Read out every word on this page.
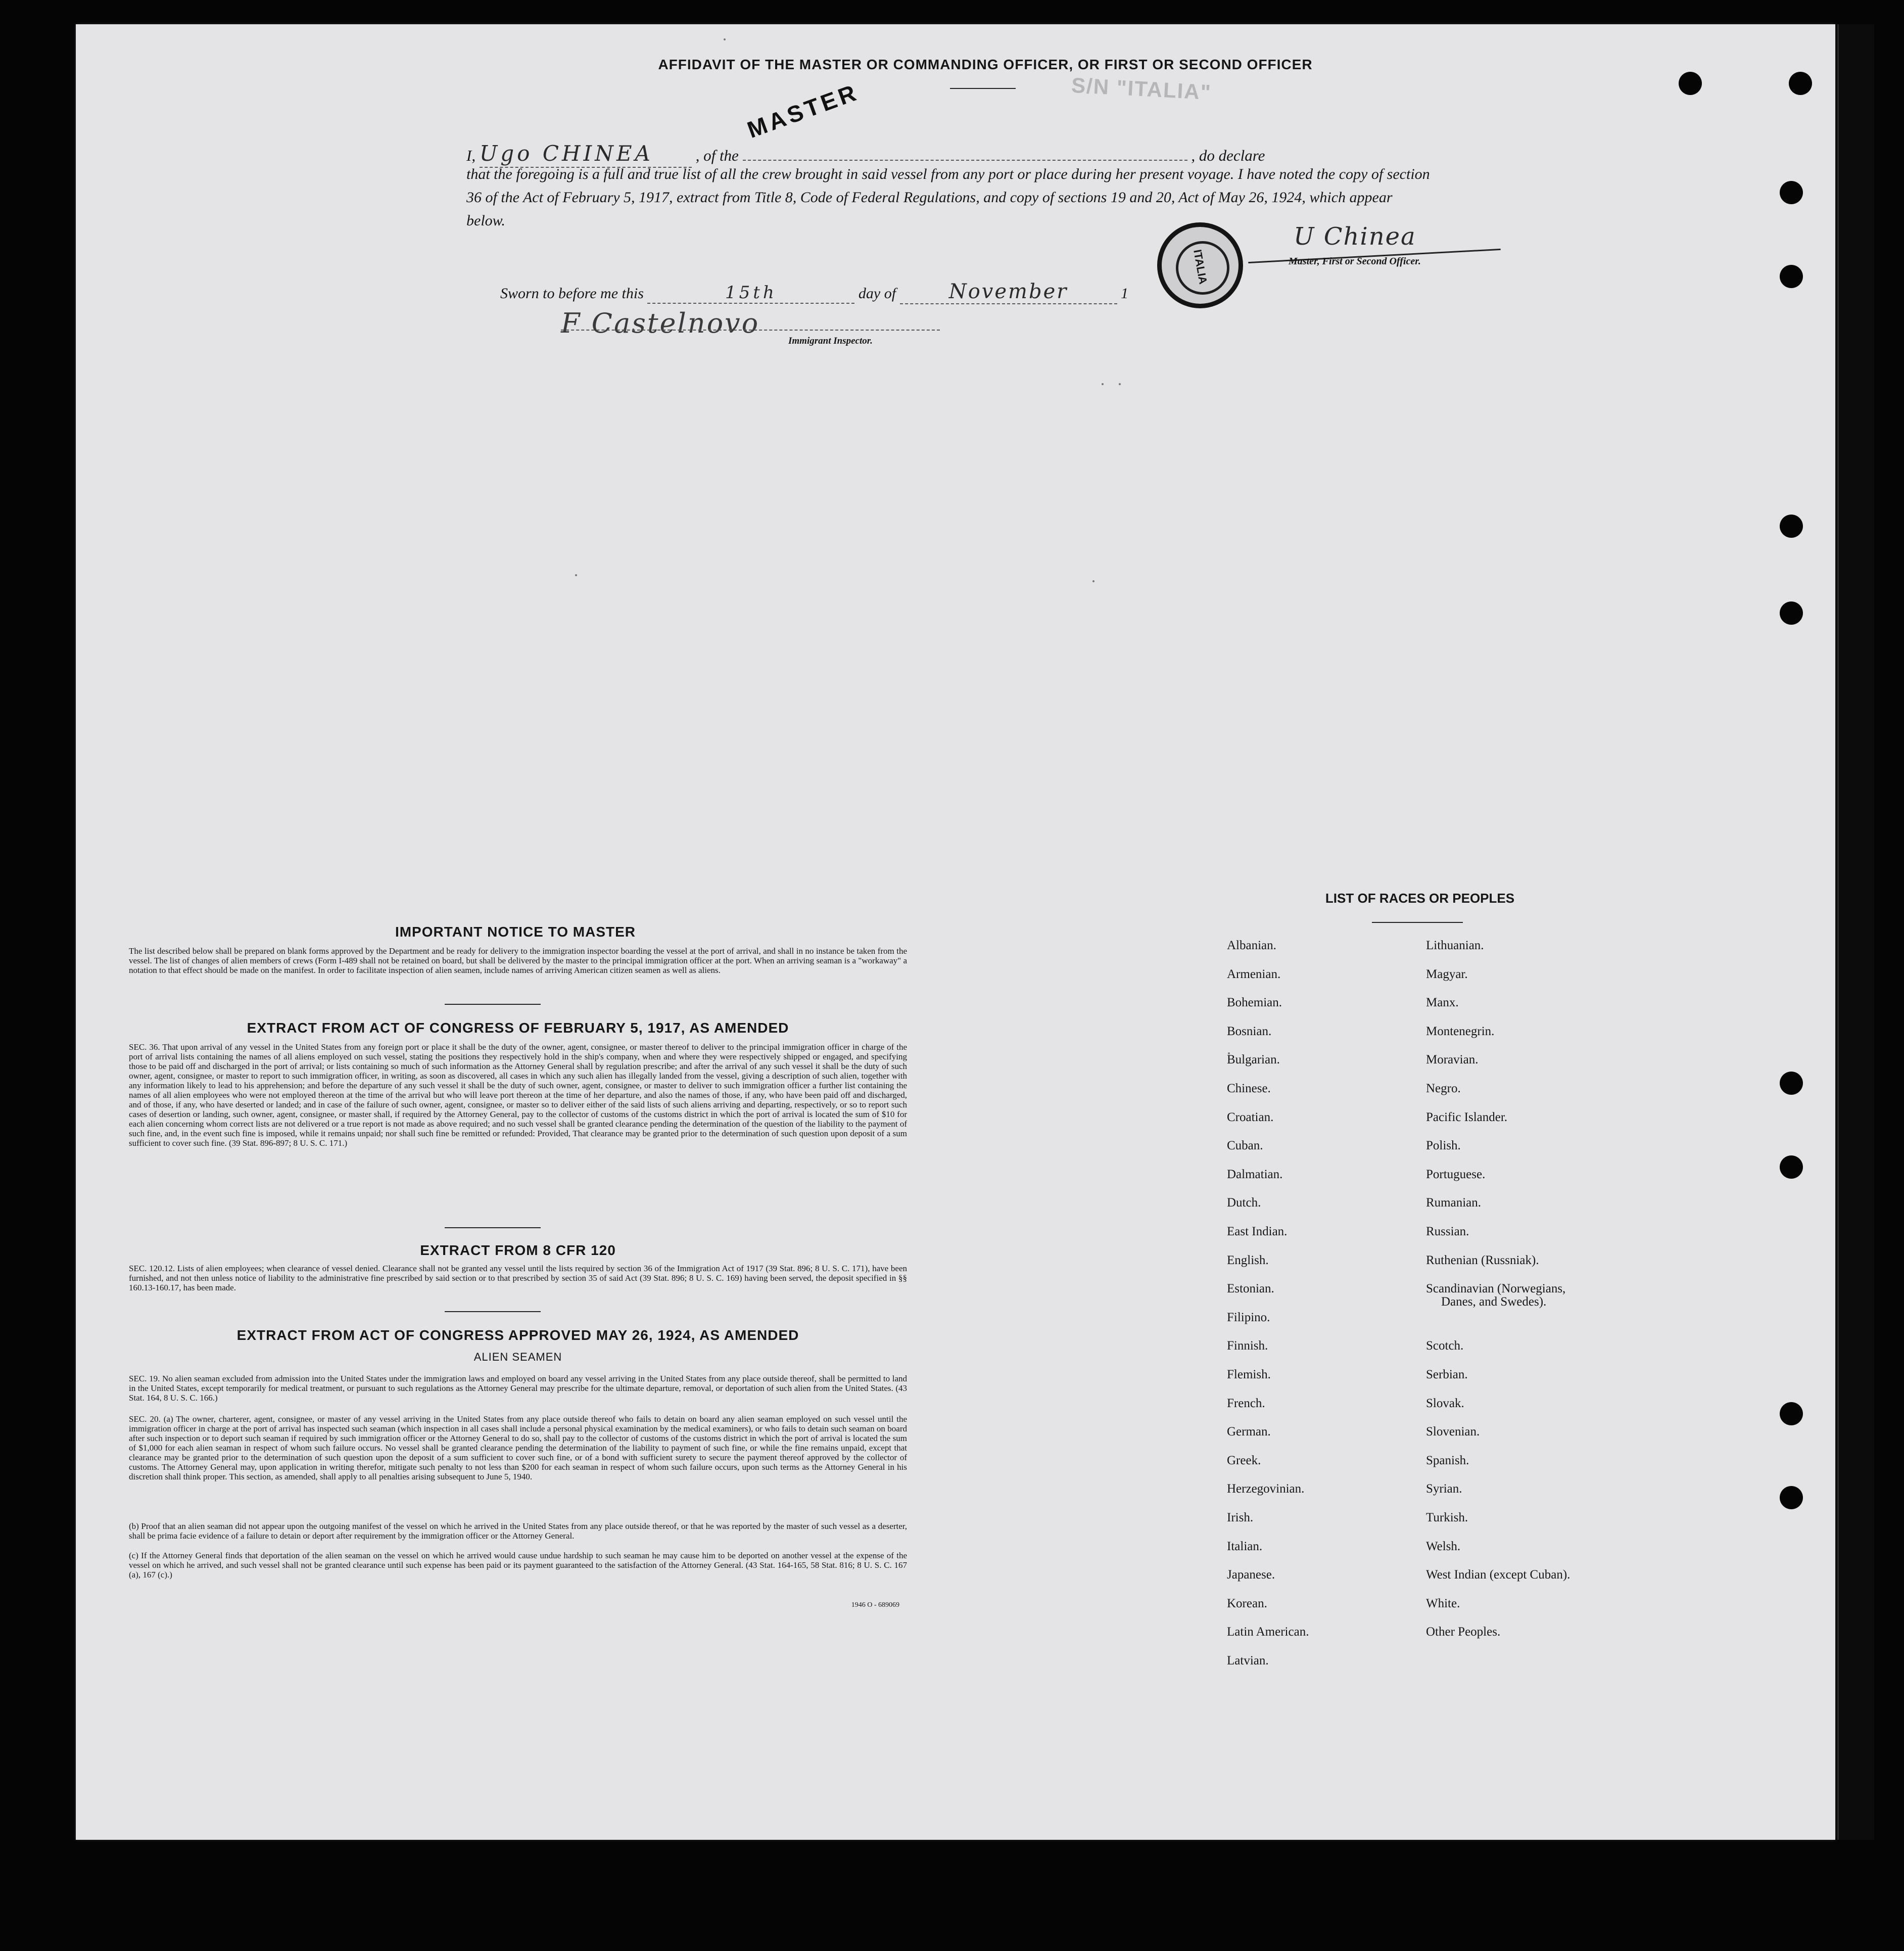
AFFIDAVIT OF THE MASTER OR COMMANDING OFFICER, OR FIRST OR SECOND OFFICER
S/N "ITALIA"
I, Ugo CHINEA	, of the	, do declare
MASTER
that the foregoing is a full and true list of all the crew brought in said vessel from any port or place during her present voyage. I have noted the copy of section 36 of the Act of February 5, 1917, extract from Title 8, Code of Federal Regulations, and copy of sections 19 and 20, Act of May 26, 1924, which appear below.
Sworn to before me this	15th	day of	November	1
ITALIA
U Chinea
Master, First or Second Officer.
F Castelnovo
Immigrant Inspector.
IMPORTANT NOTICE TO MASTER
The list described below shall be prepared on blank forms approved by the Department and be ready for delivery to the immigration inspector boarding the vessel at the port of arrival, and shall in no instance be taken from the vessel. The list of changes of alien members of crews (Form I-489 shall not be retained on board, but shall be delivered by the master to the principal immigration officer at the port. When an arriving seaman is a "workaway" a notation to that effect should be made on the manifest. In order to facilitate inspection of alien seamen, include names of arriving American citizen seamen as well as aliens.
EXTRACT FROM ACT OF CONGRESS OF FEBRUARY 5, 1917, AS AMENDED
SEC. 36. That upon arrival of any vessel in the United States from any foreign port or place it shall be the duty of the owner, agent, consignee, or master thereof to deliver to the principal immigration officer in charge of the port of arrival lists containing the names of all aliens employed on such vessel, stating the positions they respectively hold in the ship's company, when and where they were respectively shipped or engaged, and specifying those to be paid off and discharged in the port of arrival; or lists containing so much of such information as the Attorney General shall by regulation prescribe; and after the arrival of any such vessel it shall be the duty of such owner, agent, consignee, or master to report to such immigration officer, in writing, as soon as discovered, all cases in which any such alien has illegally landed from the vessel, giving a description of such alien, together with any information likely to lead to his apprehension; and before the departure of any such vessel it shall be the duty of such owner, agent, consignee, or master to deliver to such immigration officer a further list containing the names of all alien employees who were not employed thereon at the time of the arrival but who will leave port thereon at the time of her departure, and also the names of those, if any, who have been paid off and discharged, and of those, if any, who have deserted or landed; and in case of the failure of such owner, agent, consignee, or master so to deliver either of the said lists of such aliens arriving and departing, respectively, or so to report such cases of desertion or landing, such owner, agent, consignee, or master shall, if required by the Attorney General, pay to the collector of customs of the customs district in which the port of arrival is located the sum of $10 for each alien concerning whom correct lists are not delivered or a true report is not made as above required; and no such vessel shall be granted clearance pending the determination of the question of the liability to the payment of such fine, and, in the event such fine is imposed, while it remains unpaid; nor shall such fine be remitted or refunded: Provided, That clearance may be granted prior to the determination of such question upon deposit of a sum sufficient to cover such fine. (39 Stat. 896-897; 8 U. S. C. 171.)
EXTRACT FROM 8 CFR 120
SEC. 120.12. Lists of alien employees; when clearance of vessel denied. Clearance shall not be granted any vessel until the lists required by section 36 of the Immigration Act of 1917 (39 Stat. 896; 8 U. S. C. 171), have been furnished, and not then unless notice of liability to the administrative fine prescribed by said section or to that prescribed by section 35 of said Act (39 Stat. 896; 8 U. S. C. 169) having been served, the deposit specified in §§ 160.13-160.17, has been made.
EXTRACT FROM ACT OF CONGRESS APPROVED MAY 26, 1924, AS AMENDED
ALIEN SEAMEN
SEC. 19. No alien seaman excluded from admission into the United States under the immigration laws and employed on board any vessel arriving in the United States from any place outside thereof, shall be permitted to land in the United States, except temporarily for medical treatment, or pursuant to such regulations as the Attorney General may prescribe for the ultimate departure, removal, or deportation of such alien from the United States. (43 Stat. 164, 8 U. S. C. 166.)
SEC. 20. (a) The owner, charterer, agent, consignee, or master of any vessel arriving in the United States from any place outside thereof who fails to detain on board any alien seaman employed on such vessel until the immigration officer in charge at the port of arrival has inspected such seaman (which inspection in all cases shall include a personal physical examination by the medical examiners), or who fails to detain such seaman on board after such inspection or to deport such seaman if required by such immigration officer or the Attorney General to do so, shall pay to the collector of customs of the customs district in which the port of arrival is located the sum of $1,000 for each alien seaman in respect of whom such failure occurs. No vessel shall be granted clearance pending the determination of the liability to payment of such fine, or while the fine remains unpaid, except that clearance may be granted prior to the determination of such question upon the deposit of a sum sufficient to cover such fine, or of a bond with sufficient surety to secure the payment thereof approved by the collector of customs. The Attorney General may, upon application in writing therefor, mitigate such penalty to not less than $200 for each seaman in respect of whom such failure occurs, upon such terms as the Attorney General in his discretion shall think proper. This section, as amended, shall apply to all penalties arising subsequent to June 5, 1940.
(b) Proof that an alien seaman did not appear upon the outgoing manifest of the vessel on which he arrived in the United States from any place outside thereof, or that he was reported by the master of such vessel as a deserter, shall be prima facie evidence of a failure to detain or deport after requirement by the immigration officer or the Attorney General.
(c) If the Attorney General finds that deportation of the alien seaman on the vessel on which he arrived would cause undue hardship to such seaman he may cause him to be deported on another vessel at the expense of the vessel on which he arrived, and such vessel shall not be granted clearance until such expense has been paid or its payment guaranteed to the satisfaction of the Attorney General. (43 Stat. 164-165, 58 Stat. 816; 8 U. S. C. 167 (a), 167 (c).)
1946 O - 689069
LIST OF RACES OR PEOPLES
Albanian.
Armenian.
Bohemian.
Bosnian.
Bulgarian.
Chinese.
Croatian.
Cuban.
Dalmatian.
Dutch.
East Indian.
English.
Estonian.
Filipino.
Finnish.
Flemish.
French.
German.
Greek.
Herzegovinian.
Irish.
Italian.
Japanese.
Korean.
Latin American.
Latvian.
Lithuanian.
Magyar.
Manx.
Montenegrin.
Moravian.
Negro.
Pacific Islander.
Polish.
Portuguese.
Rumanian.
Russian.
Ruthenian (Russniak).
Scandinavian (Norwegians,
Danes, and Swedes).
Scotch.
Serbian.
Slovak.
Slovenian.
Spanish.
Syrian.
Turkish.
Welsh.
West Indian (except Cuban).
White.
Other Peoples.
